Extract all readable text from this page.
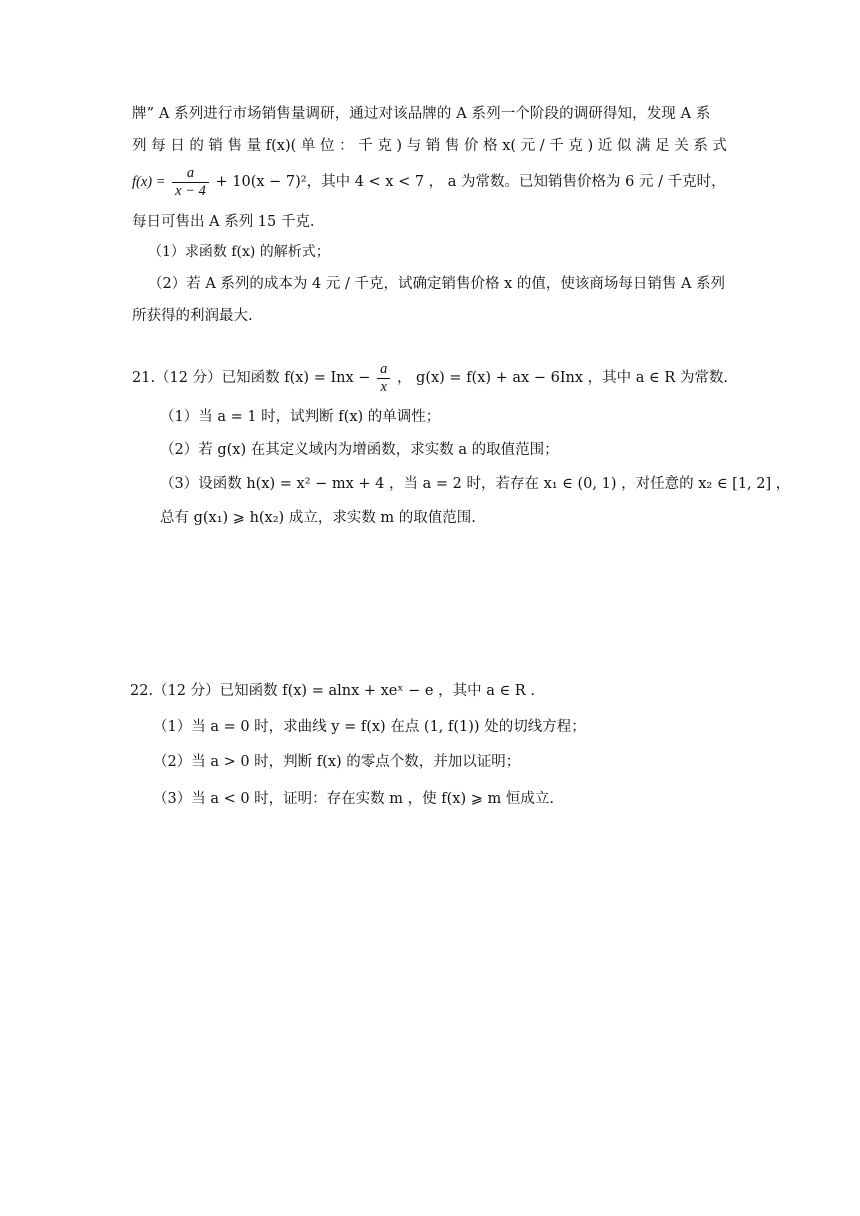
牌” A 系列进行市场销售量调研，通过对该品牌的 A 系列一个阶段的调研得知，发现 A 系
列 每 日 的 销 售 量 f(x)( 单 位 ： 千 克 ) 与 销 售 价 格 x( 元 / 千 克 ) 近 似 满 足 关 系 式
$f(x) = \frac{a}{x - 4} + 10(x - 7)^2$，其中 4 < x < 7 ， a 为常数。已知销售价格为 6 元 / 千克时，
每日可售出 A 系列 15 千克.
（1）求函数 f(x) 的解析式；
（2）若 A 系列的成本为 4 元 / 千克，试确定销售价格 x 的值，使该商场每日销售 A 系列
所获得的利润最大.
21.（12 分）已知函数 f(x) = Inx − $\frac{a}{x}$ ， g(x) = f(x) + ax − 6Inx ，其中 a ∈ R 为常数.
（1）当 a = 1 时，试判断 f(x) 的单调性；
（2）若 g(x) 在其定义域内为增函数，求实数 a 的取值范围；
（3）设函数 h(x) = x² − mx + 4 ，当 a = 2 时，若存在 x₁ ∈ (0, 1) ，对任意的 x₂ ∈ [1, 2] ，
总有 g(x₁) ⩾ h(x₂) 成立，求实数 m 的取值范围.
22.（12 分）已知函数 f(x) = alnx + xeˣ − e ，其中 a ∈ R .
（1）当 a = 0 时，求曲线 y = f(x) 在点 (1, f(1)) 处的切线方程；
（2）当 a > 0 时，判断 f(x) 的零点个数，并加以证明；
（3）当 a < 0 时，证明：存在实数 m ，使 f(x) ⩾ m 恒成立.
